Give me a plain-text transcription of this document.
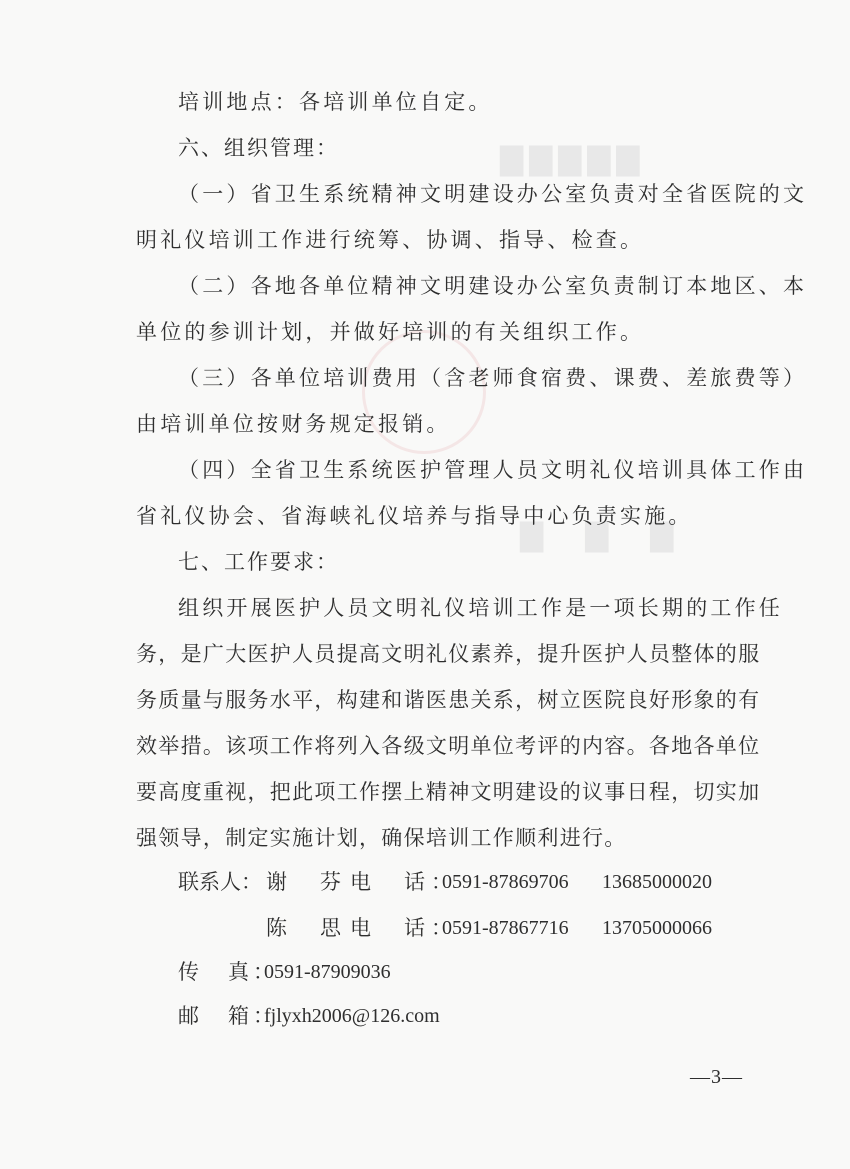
▇▇▇▇▇
▇　▇　▇
培训地点：各培训单位自定。
六、组织管理：
（一）省卫生系统精神文明建设办公室负责对全省医院的文
明礼仪培训工作进行统筹、协调、指导、检查。
（二）各地各单位精神文明建设办公室负责制订本地区、本
单位的参训计划，并做好培训的有关组织工作。
（三）各单位培训费用（含老师食宿费、课费、差旅费等）
由培训单位按财务规定报销。
（四）全省卫生系统医护管理人员文明礼仪培训具体工作由
省礼仪协会、省海峡礼仪培养与指导中心负责实施。
七、工作要求：
组织开展医护人员文明礼仪培训工作是一项长期的工作任
务，是广大医护人员提高文明礼仪素养，提升医护人员整体的服
务质量与服务水平，构建和谐医患关系，树立医院良好形象的有
效举措。该项工作将列入各级文明单位考评的内容。各地各单位
要高度重视，把此项工作摆上精神文明建设的议事日程，切实加
强领导，制定实施计划，确保培训工作顺利进行。
联系人： 谢　芬 电　话：
0591-87869706 13685000020
陈　思 电　话：
0591-87867716 13705000066
传　真：
0591-87909036
邮　箱：
fjlyxh2006@126.com
—3—
